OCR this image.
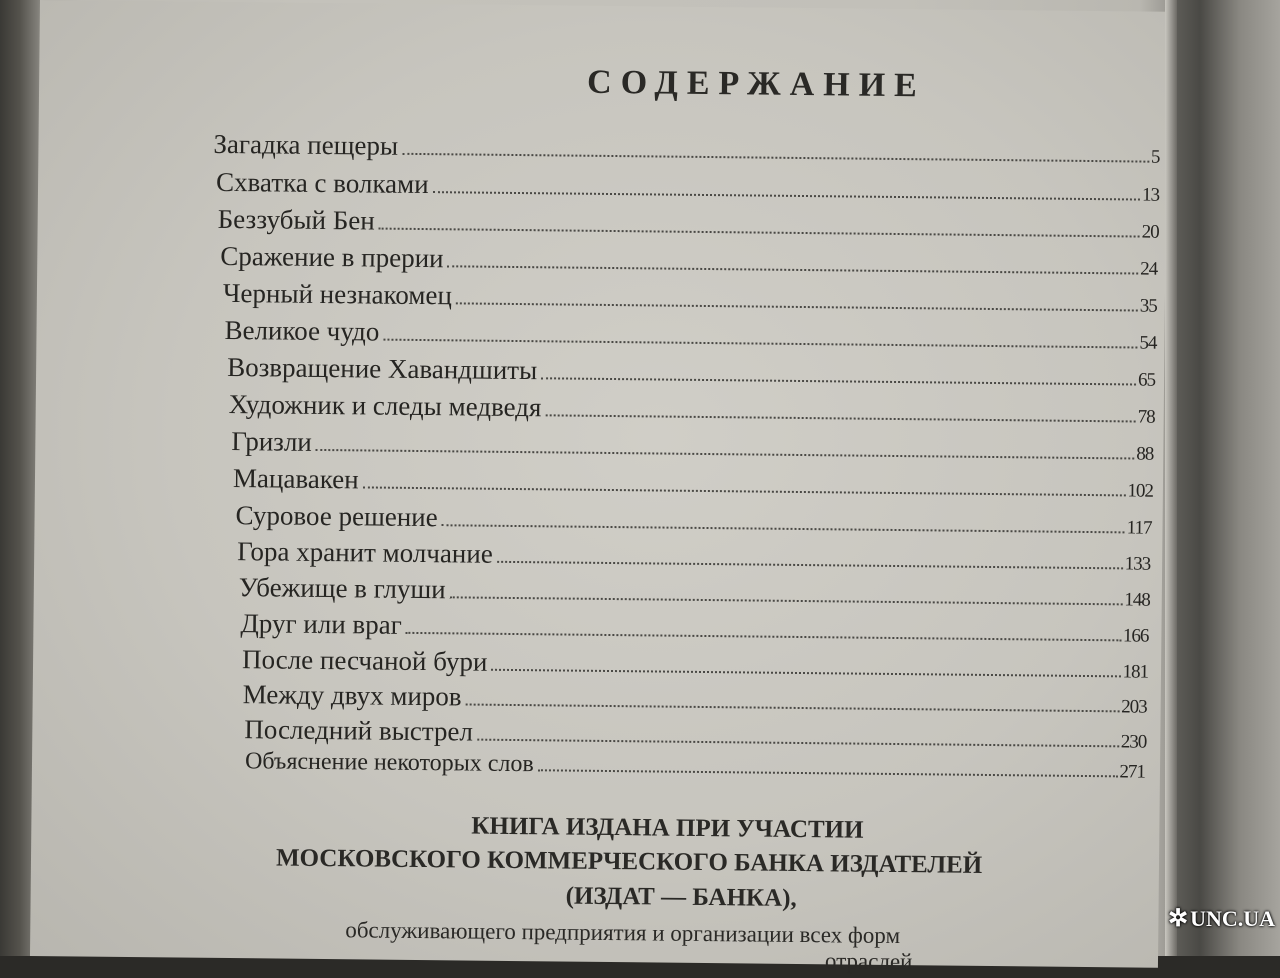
СОДЕРЖАНИЕ
Загадка пещеры	5
Схватка с волками	13
Беззубый Бен	20
Сражение в прерии	24
Черный незнакомец	35
Великое чудо	54
Возвращение Хавандшиты	65
Художник и следы медведя	78
Гризли	88
Мацавакен	102
Суровое решение	117
Гора хранит молчание	133
Убежище в глуши	148
Друг или враг	166
После песчаной бури	181
Между двух миров	203
Последний выстрел	230
Объяснение некоторых слов	271
КНИГА ИЗДАНА ПРИ УЧАСТИИ
МОСКОВСКОГО КОММЕРЧЕСКОГО БАНКА ИЗДАТЕЛЕЙ
(ИЗДАТ — БАНКА),
обслуживающего предприятия и организации всех форм
отраслей
✲ UNC.UA
